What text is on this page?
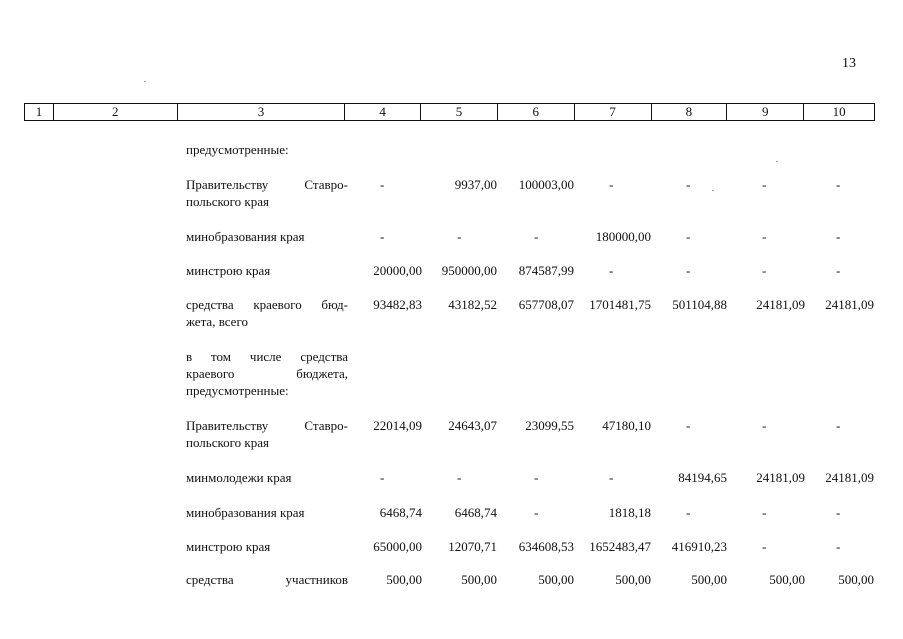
13
1	2	3	4	5	6	7	8	9	10
предусмотренные:
Правительству Ставро-
польского края
-	9937,00 100003,00	-	-	-	-
минобразования края	-	-	-	180000,00	-	-	-
минстрою края	20000,00 950000,00 874587,99	-	-	-	-
средства краевого бюд-
жета, всего
93482,83 43182,52 657708,07 1701481,75 501104,88 24181,09 24181,09
в том числе средства
краевого бюджета,
предусмотренные:
Правительству Ставро-
польского края
22014,09 24643,07 23099,55 47180,10	-	-	-
минмолодежи края	-	-	-	-	84194,65 24181,09 24181,09
минобразования края	6468,74	6468,74	-	1818,18	-	-	-
минстрою края	65000,00 12070,71 634608,53 1652483,47 416910,23	-	-
средства участников	500,00	500,00	500,00	500,00	500,00	500,00	500,00
